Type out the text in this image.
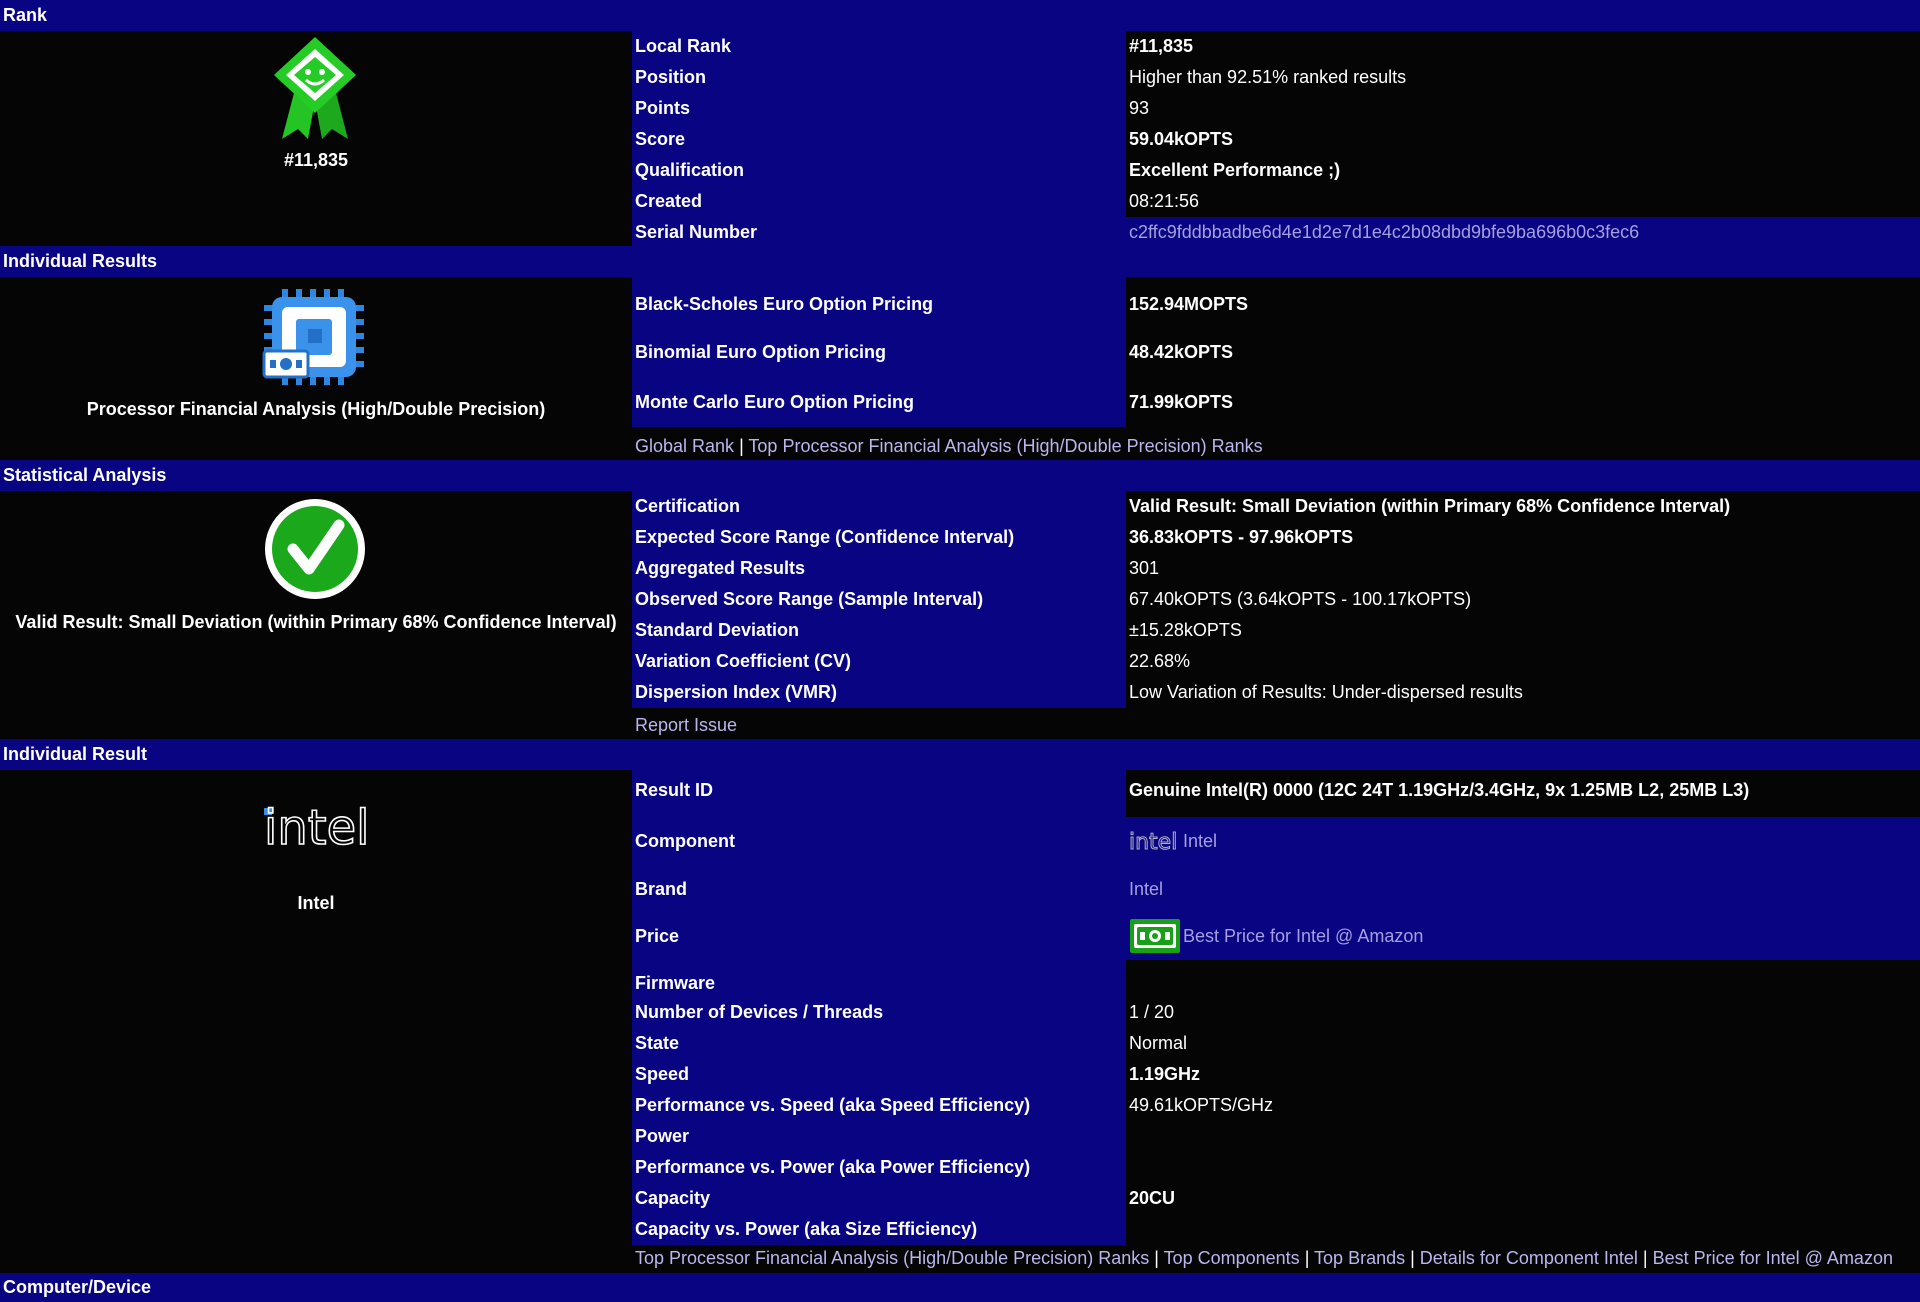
Rank
#11,835
Local Rank
Position
Points
Score
Qualification
Created
Serial Number
#11,835
Higher than 92.51% ranked results
93
59.04kOPTS
Excellent Performance ;)
08:21:56
c2ffc9fddbbadbe6d4e1d2e7d1e4c2b08dbd9bfe9ba696b0c3fec6
Individual Results
Processor Financial Analysis (High/Double Precision)
Black-Scholes Euro Option Pricing
Binomial Euro Option Pricing
Monte Carlo Euro Option Pricing
152.94MOPTS
48.42kOPTS
71.99kOPTS
Global Rank | Top Processor Financial Analysis (High/Double Precision) Ranks
Statistical Analysis
Valid Result: Small Deviation (within Primary 68% Confidence Interval)
Certification
Expected Score Range (Confidence Interval)
Aggregated Results
Observed Score Range (Sample Interval)
Standard Deviation
Variation Coefficient (CV)
Dispersion Index (VMR)
Valid Result: Small Deviation (within Primary 68% Confidence Interval)
36.83kOPTS - 97.96kOPTS
301
67.40kOPTS (3.64kOPTS - 100.17kOPTS)
±15.28kOPTS
22.68%
Low Variation of Results: Under-dispersed results
Report Issue
Individual Result
intel
Intel
Result ID
Component
Brand
Price
Firmware
Number of Devices / Threads
State
Speed
Performance vs. Speed (aka Speed Efficiency)
Power
Performance vs. Power (aka Power Efficiency)
Capacity
Capacity vs. Power (aka Size Efficiency)
Genuine Intel(R) 0000 (12C 24T 1.19GHz/3.4GHz, 9x 1.25MB L2, 25MB L3)
intel Intel
Intel
Best Price for Intel @ Amazon
1 / 20
Normal
1.19GHz
49.61kOPTS/GHz
20CU
Top Processor Financial Analysis (High/Double Precision) Ranks | Top Components | Top Brands | Details for Component Intel | Best Price for Intel @ Amazon
Computer/Device
